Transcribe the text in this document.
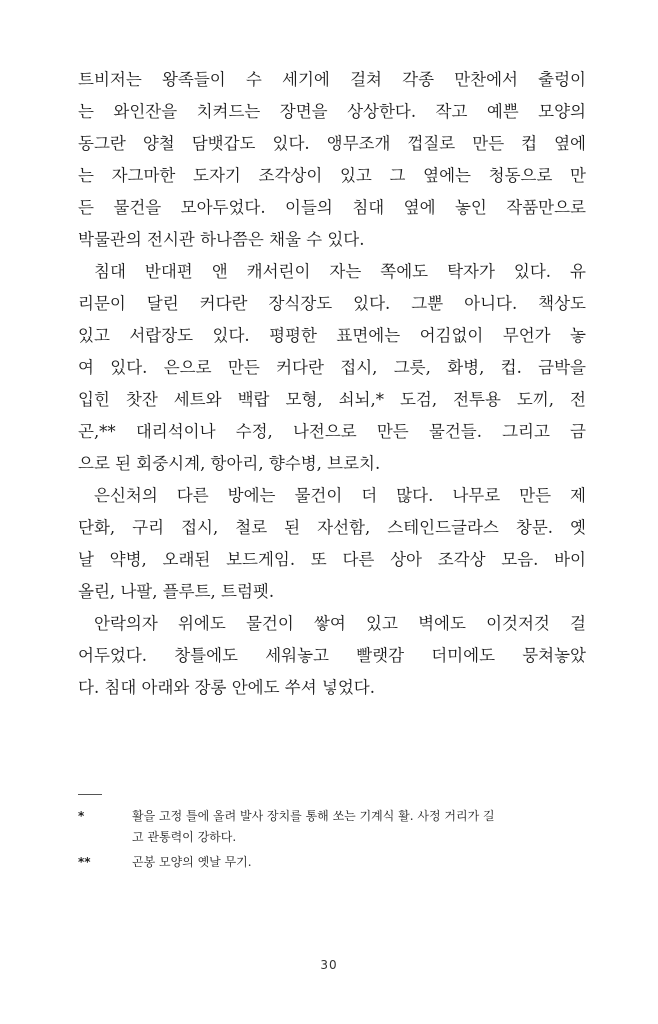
트비저는 왕족들이 수 세기에 걸쳐 각종 만찬에서 출렁이
는 와인잔을 치켜드는 장면을 상상한다. 작고 예쁜 모양의
동그란 양철 담뱃갑도 있다. 앵무조개 껍질로 만든 컵 옆에
는 자그마한 도자기 조각상이 있고 그 옆에는 청동으로 만
든 물건을 모아두었다. 이들의 침대 옆에 놓인 작품만으로
박물관의 전시관 하나쯤은 채울 수 있다.
침대 반대편 앤 캐서린이 자는 쪽에도 탁자가 있다. 유
리문이 달린 커다란 장식장도 있다. 그뿐 아니다. 책상도
있고 서랍장도 있다. 평평한 표면에는 어김없이 무언가 놓
여 있다. 은으로 만든 커다란 접시, 그릇, 화병, 컵. 금박을
입힌 찻잔 세트와 백랍 모형, 쇠뇌,* 도검, 전투용 도끼, 전
곤,** 대리석이나 수정, 나전으로 만든 물건들. 그리고 금
으로 된 회중시계, 항아리, 향수병, 브로치.
은신처의 다른 방에는 물건이 더 많다. 나무로 만든 제
단화, 구리 접시, 철로 된 자선함, 스테인드글라스 창문. 옛
날 약병, 오래된 보드게임. 또 다른 상아 조각상 모음. 바이
올린, 나팔, 플루트, 트럼펫.
안락의자 위에도 물건이 쌓여 있고 벽에도 이것저것 걸
어두었다. 창틀에도 세워놓고 빨랫감 더미에도 뭉쳐놓았
다. 침대 아래와 장롱 안에도 쑤셔 넣었다.
*	활을 고정 틀에 올려 발사 장치를 통해 쏘는 기계식 활. 사정 거리가 길
고 관통력이 강하다.
**	곤봉 모양의 옛날 무기.
30
